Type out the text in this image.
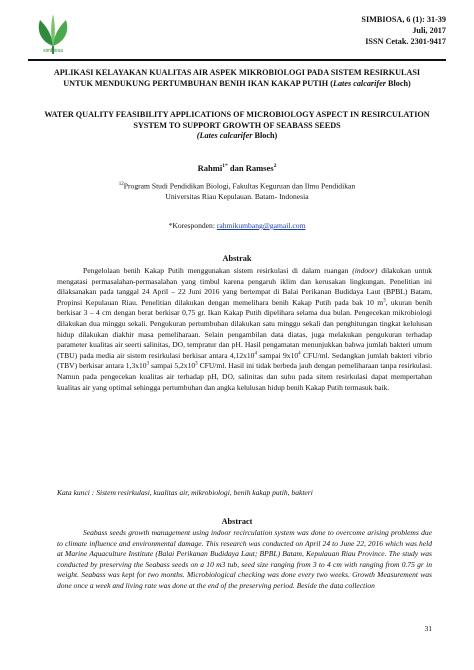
simbiosa
SIMBIOSA, 6 (1): 31-39
Juli, 2017
ISSN Cetak. 2301-9417
APLIKASI KELAYAKAN KUALITAS AIR ASPEK MIKROBIOLOGI PADA SISTEM RESIRKULASI UNTUK MENDUKUNG PERTUMBUHAN BENIH IKAN KAKAP PUTIH (Lates calcarifer Bloch)
WATER QUALITY FEASIBILITY APPLICATIONS OF MICROBIOLOGY ASPECT IN RESIRCULATION SYSTEM TO SUPPORT GROWTH OF SEABASS SEEDS
(Lates calcarifer Bloch)
Rahmi$^{1*}$ dan Ramses$^2$
$^{12}$Program Studi Pendidikan Biologi, Fakultas Keguruan dan Ilmu Pendidikan
Universitas Riau Kepulauan. Batam- Indonesia
*Koresponden: rahmikumbang@gamail.com
Abstrak
Pengelolaan benih Kakap Putih menggunakan sistem resirkulasi di dalam ruangan (indoor) dilakukan untuk mengatasi permasalahan-permasalahan yang timbul karena pengaruh iklim dan kerusakan lingkungan. Penelitian ini dilaksanakan pada tanggal 24 April – 22 Juni 2016 yang bertempat di Balai Perikanan Budidaya Laut (BPBL) Batam, Propinsi Kepulauan Riau. Penelitian dilakukan dengan memelihara benih Kakap Putih pada bak 10 $m^3$, ukuran benih berkisar 3 – 4 cm dengan berat berkisar 0,75 gr. Ikan Kakap Putih dipelihara selama dua bulan. Pengecekan mikrobiologi dilakukan dua minggu sekali. Pengukuran pertumbuhan dilakukan satu minggu sekali dan penghitungan tingkat kelulusan hidup dilakukan diakhir masa pemeliharaan. Selain pengambilan data diatas, juga melakukan pengukuran terhadap parameter kualitas air seerti salinitas, DO, tempratur dan pH. Hasil pengamatan menunjukkan bahwa jumlah bakteri umum (TBU) pada media air sistem resirkulasi berkisar antara $4,12x10^4$ sampai $9x10^4$ CFU/ml. Sedangkan jumlah bakteri vibrio (TBV) berkisar antara $1,3x10^3$ sampai $5,2x10^3$ CFU/ml. Hasil ini tidak berbeda jauh dengan pemeliharaan tanpa resirkulasi. Namun pada pengecekan kualitas air terhadap pH, DO, salinitas dan suhu pada sitem resirkulasi dapat mempertahan kualitas air yang optimal sehingga pertumbuhan dan angka kelulusan hidup benih Kakap Putih termasuk baik.
Kata kunci : Sistem resirkulasi, kualitas air, mikrobiologi, benih kakap putih, bakteri
Abstract
Seabass seeds growth management using indoor recirculation system was done to overcome arising problems due to climate influence and environmental damage. This research was conducted on April 24 to June 22, 2016 which was held at Marine Aquaculture Institute (Balai Perikanan Budidaya Laut; BPBL) Batam, Kepulauan Riau Province. The study was conducted by preserving the Seabass seeds on a 10 m3 tub, seed size ranging from 3 to 4 cm with ranging from 0.75 gr in weight. Seabass was kept for two months. Microbiological checking was done every two weeks. Growth Measurement was done once a week and living rate was done at the end of the preserving period. Beside the data collection
31
